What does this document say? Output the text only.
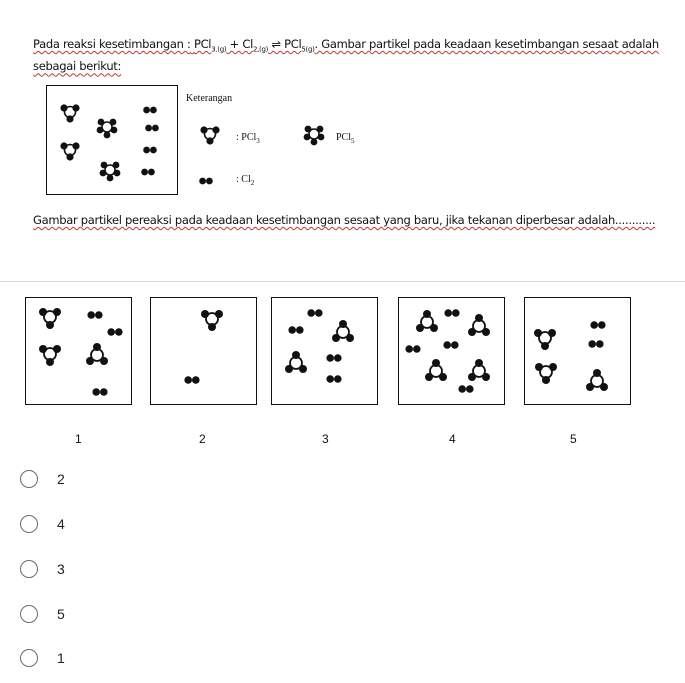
Pada reaksi kesetimbangan : $PCl_{3 (g)} + Cl_{2 (g)}$ ⇌ PCl$_{5(g)}$. Gambar partikel pada keadaan kesetimbangan sesaat adalah sebagai berikut:
Keterangan
: PCl$_3$	PCl$_5$
: $Cl_2$
Gambar partikel pereaksi pada keadaan kesetimbangan sesaat yang baru, jika tekanan diperbesar adalah............
1	2	3	4	5
2
4
3
5
1
